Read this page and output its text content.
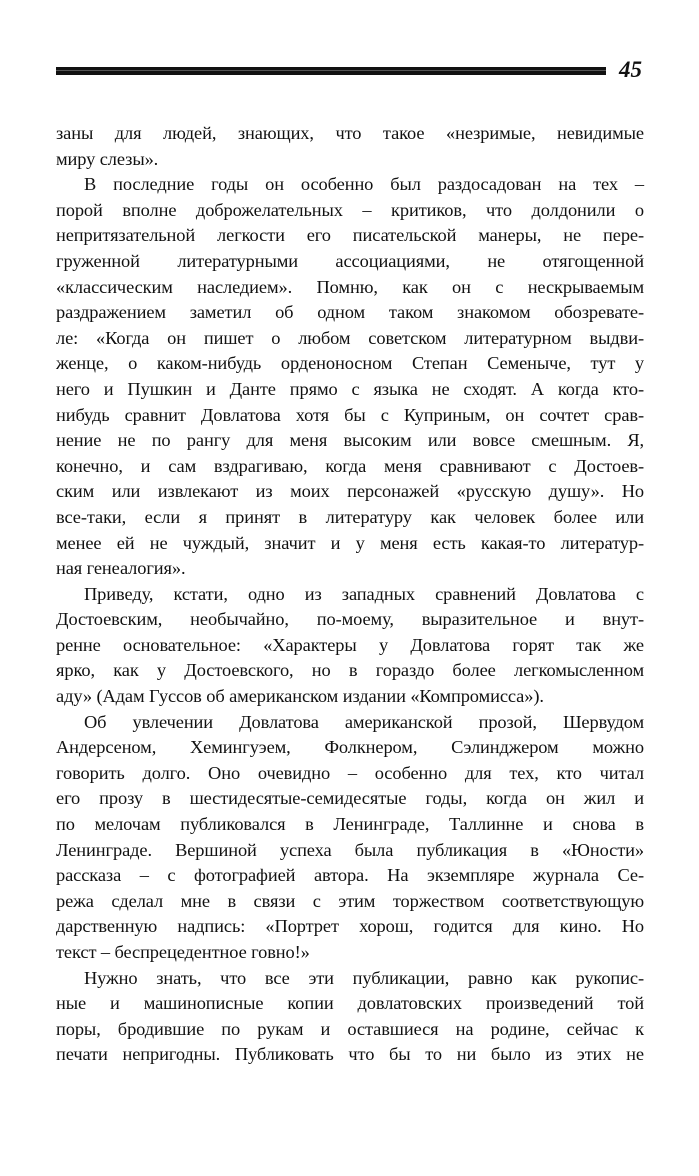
45

заны для людей, знающих, что такое «незримые, невидимые
миру слезы».

В последние годы он особенно был раздосадован на тех –
порой вполне доброжелательных – критиков, что долдонили о
непритязательной легкости его писательской манеры, не пере-
груженной литературными ассоциациями, не отягощенной
«классическим наследием». Помню, как он с нескрываемым
раздражением заметил об одном таком знакомом обозревате-
ле: «Когда он пишет о любом советском литературном выдви-
женце, о каком-нибудь орденоносном Степан Семеныче, тут у
него и Пушкин и Данте прямо с языка не сходят. А когда кто-
нибудь сравнит Довлатова хотя бы с Куприным, он сочтет срав-
нение не по рангу для меня высоким или вовсе смешным. Я,
конечно, и сам вздрагиваю, когда меня сравнивают с Достоев-
ским или извлекают из моих персонажей «русскую душу». Но
все-таки, если я принят в литературу как человек более или
менее ей не чуждый, значит и у меня есть какая-то литератур-
ная генеалогия».

Приведу, кстати, одно из западных сравнений Довлатова с
Достоевским, необычайно, по-моему, выразительное и внут-
ренне основательное: «Характеры у Довлатова горят так же
ярко, как у Достоевского, но в гораздо более легкомысленном
аду» (Адам Гуссов об американском издании «Компромисса»).

Об увлечении Довлатова американской прозой, Шервудом
Андерсеном, Хемингуэем, Фолкнером, Сэлинджером можно
говорить долго. Оно очевидно – особенно для тех, кто читал
его прозу в шестидесятые-семидесятые годы, когда он жил и
по мелочам публиковался в Ленинграде, Таллинне и снова в
Ленинграде. Вершиной успеха была публикация в «Юности»
рассказа – с фотографией автора. На экземпляре журнала Се-
режа сделал мне в связи с этим торжеством соответствующую
дарственную надпись: «Портрет хорош, годится для кино. Но
текст – беспрецедентное говно!»

Нужно знать, что все эти публикации, равно как рукопис-
ные и машинописные копии довлатовских произведений той
поры, бродившие по рукам и оставшиеся на родине, сейчас к
печати непригодны. Публиковать что бы то ни было из этих не
